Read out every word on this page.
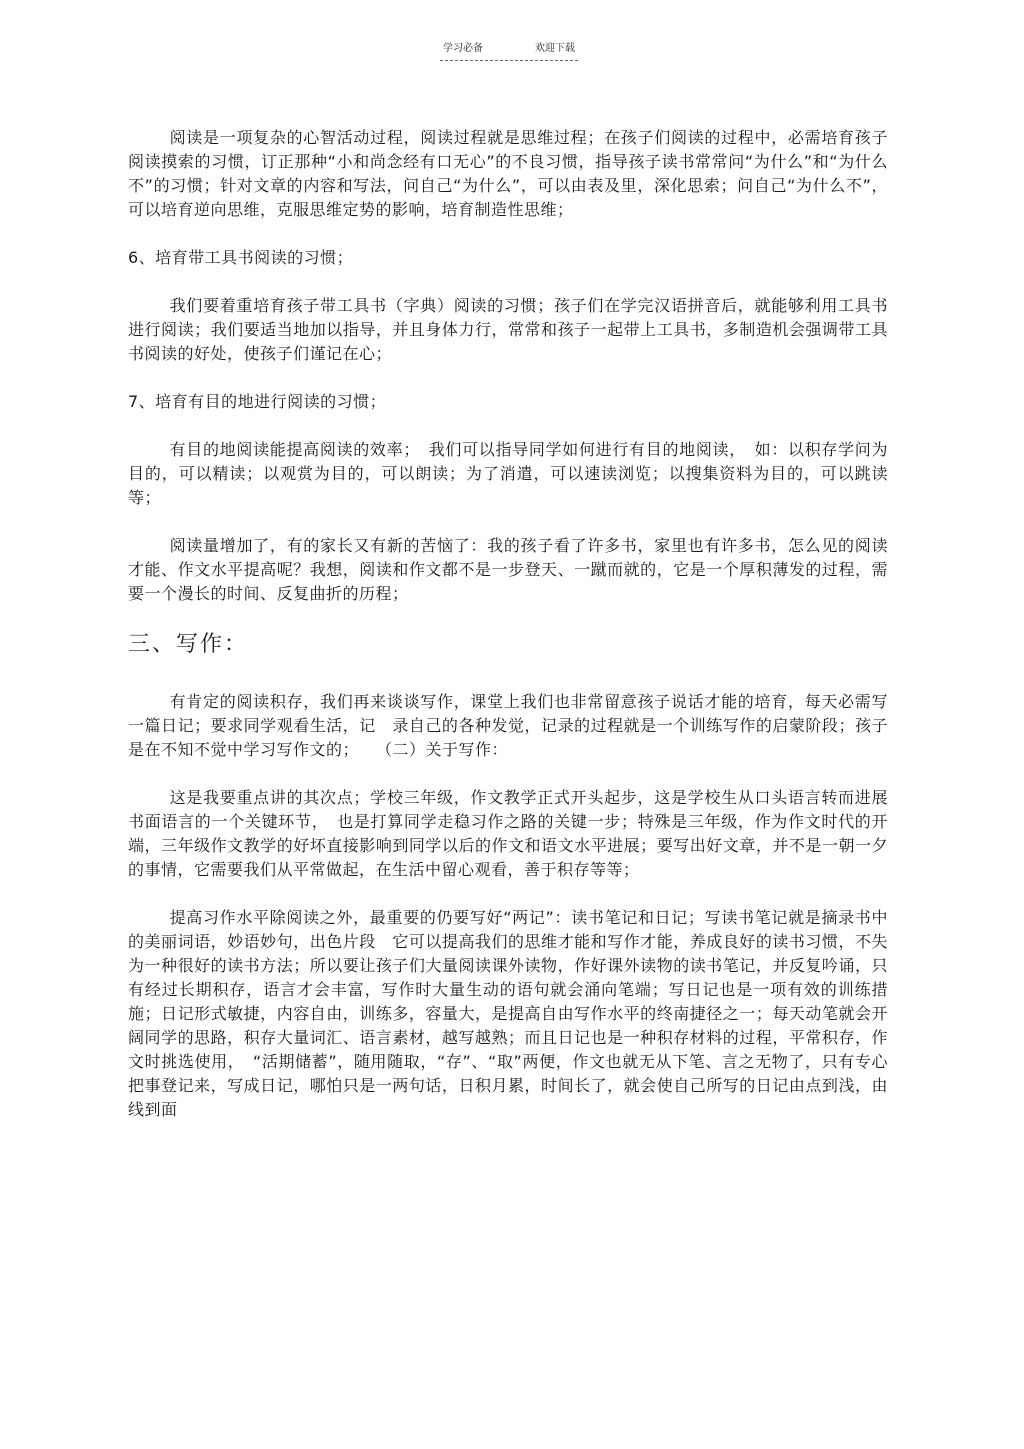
学习必备	欢迎下载

阅读是一项复杂的心智活动过程，阅读过程就是思维过程；在孩子们阅读的过程中，必需培育孩子阅读摸索的习惯，订正那种“小和尚念经有口无心”的不良习惯，指导孩子读书常常问“为什么”和“为什么不”的习惯；针对文章的内容和写法，问自己“为什么”，可以由表及里，深化思索；问自己“为什么不”，可以培育逆向思维，克服思维定势的影响，培育制造性思维；

6、培育带工具书阅读的习惯；

我们要着重培育孩子带工具书（字典）阅读的习惯；孩子们在学完汉语拼音后，就能够利用工具书进行阅读；我们要适当地加以指导，并且身体力行，常常和孩子一起带上工具书，多制造机会强调带工具书阅读的好处，使孩子们谨记在心；

7、培育有目的地进行阅读的习惯；

有目的地阅读能提高阅读的效率；　我们可以指导同学如何进行有目的地阅读，　如：以积存学问为目的，可以精读；以观赏为目的，可以朗读；为了消遣，可以速读浏览；以搜集资料为目的，可以跳读等；

阅读量增加了，有的家长又有新的苦恼了：我的孩子看了许多书，家里也有许多书，怎么见的阅读才能、作文水平提高呢？我想，阅读和作文都不是一步登天、一蹴而就的，它是一个厚积薄发的过程，需要一个漫长的时间、反复曲折的历程；

三、写作：

有肯定的阅读积存，我们再来谈谈写作，课堂上我们也非常留意孩子说话才能的培育，每天必需写一篇日记；要求同学观看生活，记　录自己的各种发觉，记录的过程就是一个训练写作的启蒙阶段；孩子是在不知不觉中学习写作文的；　　（二）关于写作：

这是我要重点讲的其次点；学校三年级，作文教学正式开头起步，这是学校生从口头语言转而进展书面语言的一个关键环节，　也是打算同学走稳习作之路的关键一步；特殊是三年级，作为作文时代的开端，三年级作文教学的好坏直接影响到同学以后的作文和语文水平进展；要写出好文章，并不是一朝一夕的事情，它需要我们从平常做起，在生活中留心观看，善于积存等等；

提高习作水平除阅读之外，最重要的仍要写好“两记”：读书笔记和日记；写读书笔记就是摘录书中的美丽词语，妙语妙句，出色片段　它可以提高我们的思维才能和写作才能，养成良好的读书习惯，不失为一种很好的读书方法；所以要让孩子们大量阅读课外读物，作好课外读物的读书笔记，并反复吟诵，只有经过长期积存，语言才会丰富，写作时大量生动的语句就会涌向笔端；写日记也是一项有效的训练措施；日记形式敏捷，内容自由，训练多，容量大，是提高自由写作水平的终南捷径之一；每天动笔就会开阔同学的思路，积存大量词汇、语言素材，越写越熟；而且日记也是一种积存材料的过程，平常积存，作文时挑选使用，　“活期储蓄”，随用随取，“存”、“取”两便，作文也就无从下笔、言之无物了，只有专心把事登记来，写成日记，哪怕只是一两句话，日积月累，时间长了，就会使自己所写的日记由点到浅，由线到面
